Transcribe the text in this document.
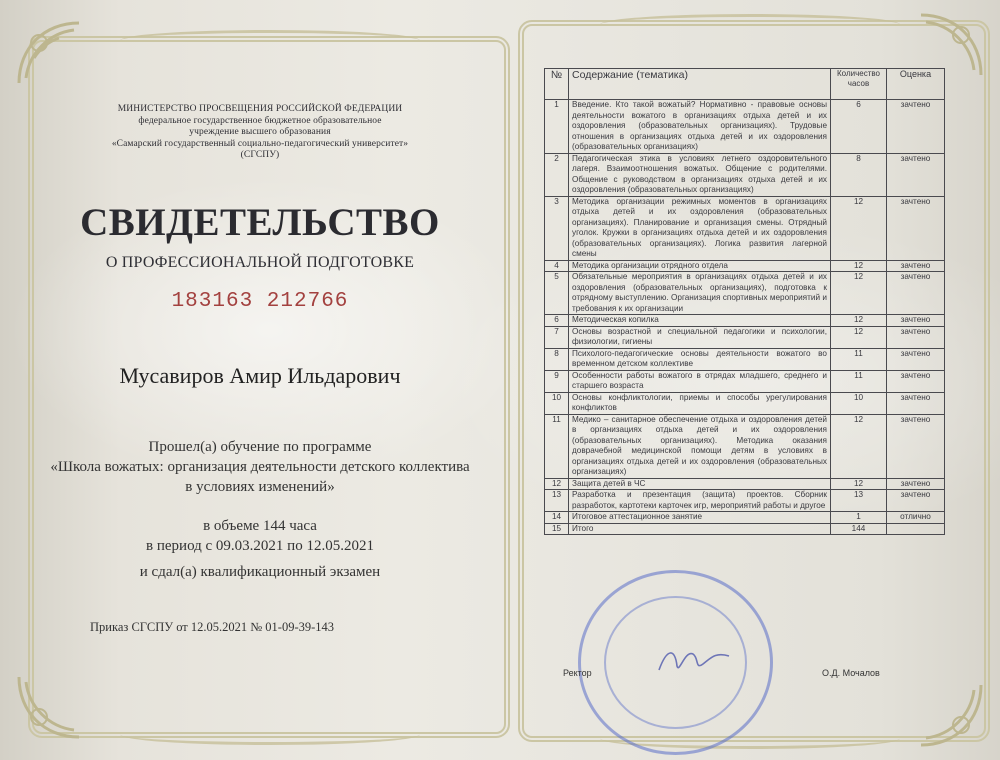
МИНИСТЕРСТВО ПРОСВЕЩЕНИЯ РОССИЙСКОЙ ФЕДЕРАЦИИ
федеральное государственное бюджетное образовательное
учреждение высшего образования
«Самарский государственный социально-педагогический университет»
(СГСПУ)
СВИДЕТЕЛЬСТВО
О ПРОФЕССИОНАЛЬНОЙ ПОДГОТОВКЕ
183163 212766
Мусавиров Амир Ильдарович
Прошел(а) обучение по программе
«Школа вожатых: организация деятельности детского коллектива
в условиях изменений»
в объеме 144 часа
в период с 09.03.2021 по 12.05.2021
и сдал(а) квалификационный экзамен
Приказ СГСПУ от 12.05.2021 № 01-09-39-143
№	Содержание (тематика)	Количество часов	Оценка
1	Введение. Кто такой вожатый? Нормативно - правовые основы деятельности вожатого в организациях отдыха детей и их оздоровления (образовательных организациях). Трудовые отношения в организациях отдыха детей и их оздоровления (образовательных организациях)	6	зачтено
2	Педагогическая этика в условиях летнего оздоровительного лагеря. Взаимоотношения вожатых. Общение с родителями. Общение с руководством в организациях отдыха детей и их оздоровления (образовательных организациях)	8	зачтено
3	Методика организации режимных моментов в организациях отдыха детей и их оздоровления (образовательных организациях). Планирование и организация смены. Отрядный уголок. Кружки в организациях отдыха детей и их оздоровления (образовательных организациях). Логика развития лагерной смены	12	зачтено
4	Методика организации отрядного отдела	12	зачтено
5	Обязательные мероприятия в организациях отдыха детей и их оздоровления (образовательных организациях), подготовка к отрядному выступлению. Организация спортивных мероприятий и требования к их организации	12	зачтено
6	Методическая копилка	12	зачтено
7	Основы возрастной и специальной педагогики и психологии, физиологии, гигиены	12	зачтено
8	Психолого-педагогические основы деятельности вожатого во временном детском коллективе	11	зачтено
9	Особенности работы вожатого в отрядах младшего, среднего и старшего возраста	11	зачтено
10	Основы конфликтологии, приемы и способы урегулирования конфликтов	10	зачтено
11	Медико – санитарное обеспечение отдыха и оздоровления детей в организациях отдыха детей и их оздоровления (образовательных организациях). Методика оказания доврачебной медицинской помощи детям в условиях в организациях отдыха детей и их оздоровления (образовательных организациях)	12	зачтено
12	Защита детей в ЧС	12	зачтено
13	Разработка и презентация (защита) проектов. Сборник разработок, картотеки карточек игр, мероприятий работы и другое	13	зачтено
14	Итоговое аттестационное занятие	1	отлично
15	Итого	144	
Ректор	О.Д. Мочалов
